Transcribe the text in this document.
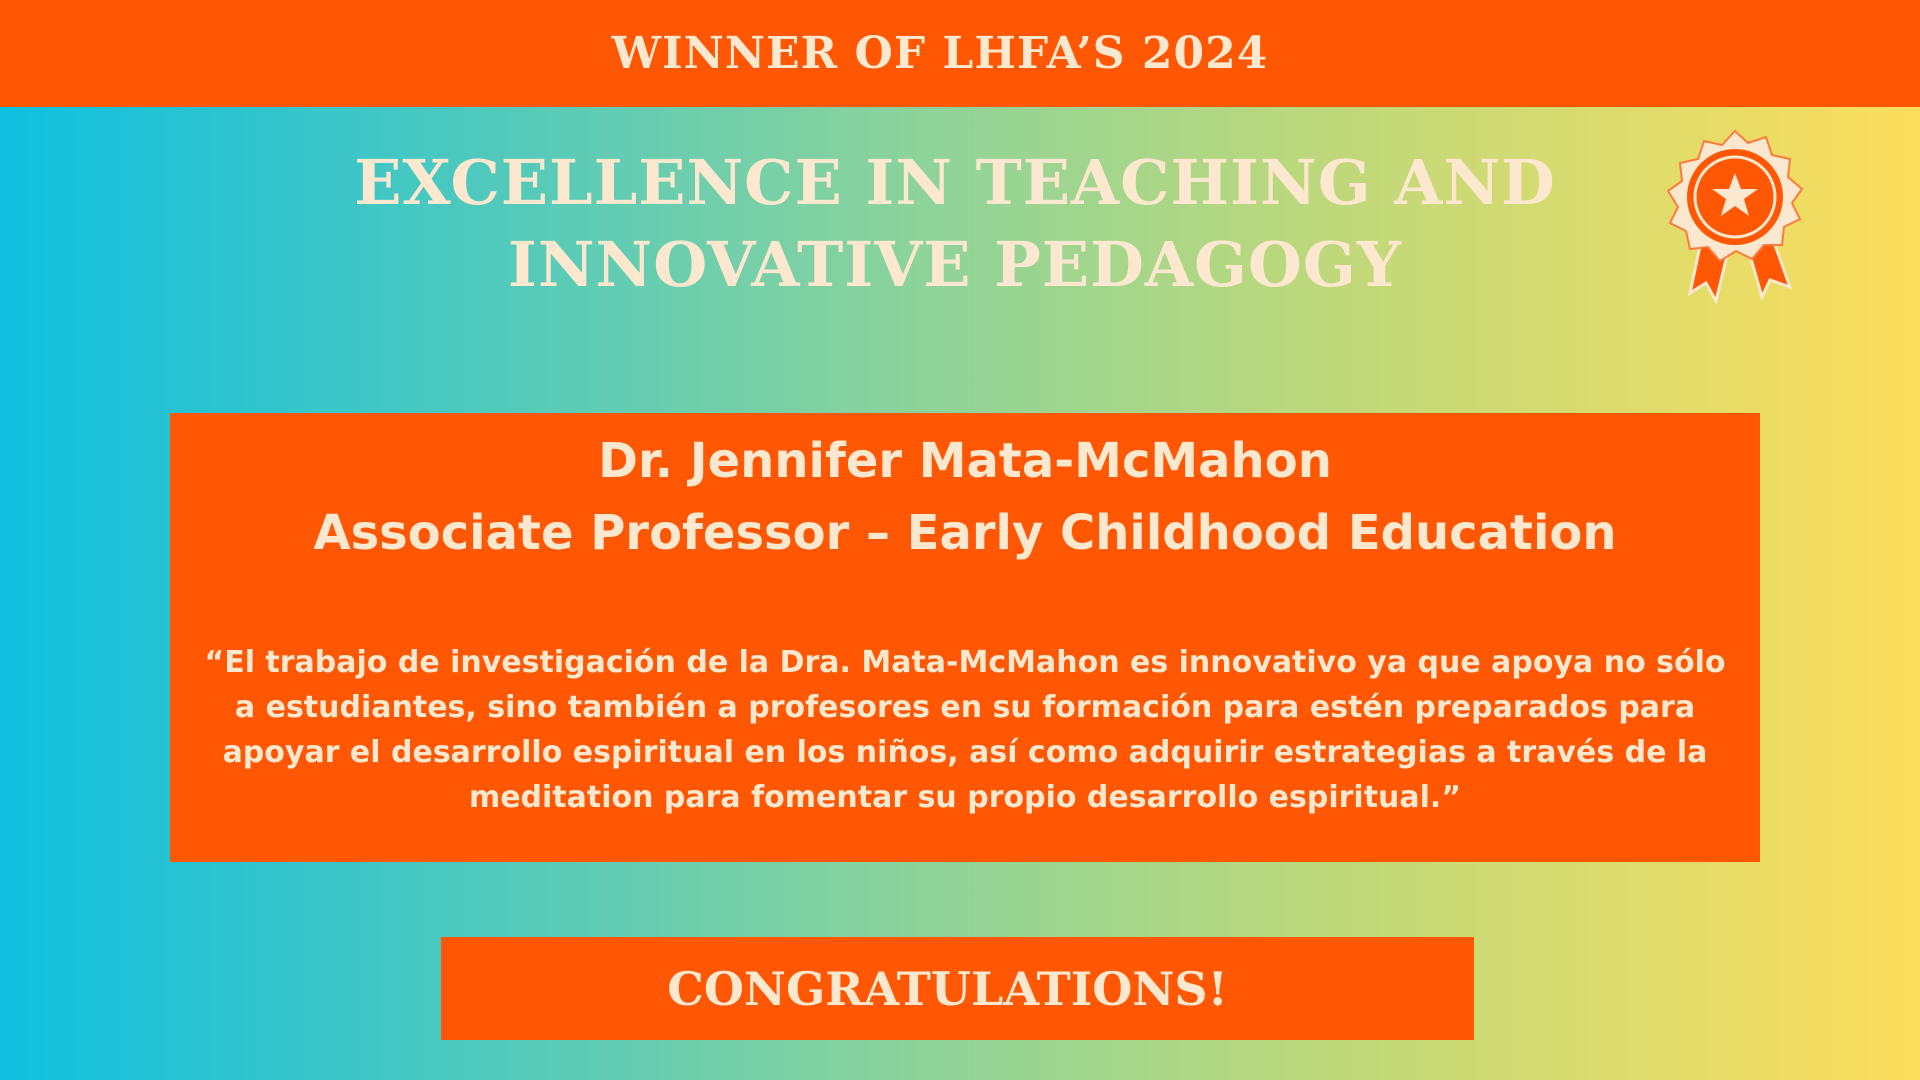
WINNER OF LHFA’S 2024
EXCELLENCE IN TEACHING AND
INNOVATIVE PEDAGOGY
Dr. Jennifer Mata-McMahon
Associate Professor – Early Childhood Education
“El trabajo de investigación de la Dra. Mata-McMahon es innovativo ya que apoya no sólo a estudiantes, sino también a profesores en su formación para estén preparados para apoyar el desarrollo espiritual en los niños, así como adquirir estrategias a través de la meditation para fomentar su propio desarrollo espiritual.”
CONGRATULATIONS!
